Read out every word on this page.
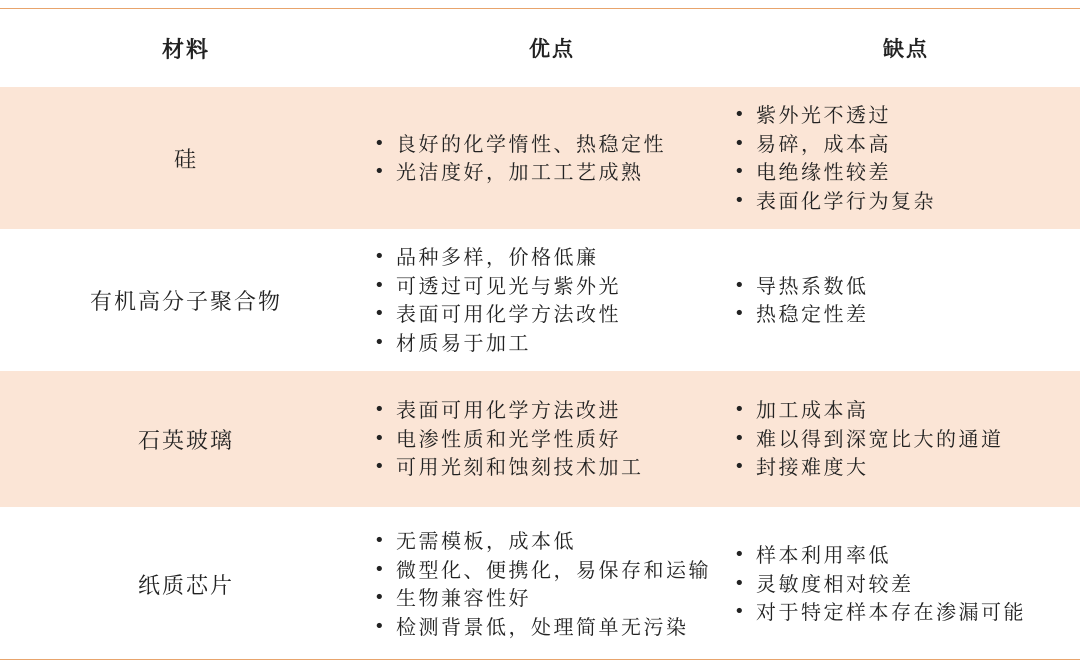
材料	优点	缺点
硅
• 良好的化学惰性、热稳定性
• 光洁度好，加工工艺成熟
• 紫外光不透过
• 易碎，成本高
• 电绝缘性较差
• 表面化学行为复杂
有机高分子聚合物
• 品种多样，价格低廉
• 可透过可见光与紫外光
• 表面可用化学方法改性
• 材质易于加工
• 导热系数低
• 热稳定性差
石英玻璃
• 表面可用化学方法改进
• 电渗性质和光学性质好
• 可用光刻和蚀刻技术加工
• 加工成本高
• 难以得到深宽比大的通道
• 封接难度大
纸质芯片
• 无需模板，成本低
• 微型化、便携化，易保存和运输
• 生物兼容性好
• 检测背景低，处理简单无污染
• 样本利用率低
• 灵敏度相对较差
• 对于特定样本存在渗漏可能
